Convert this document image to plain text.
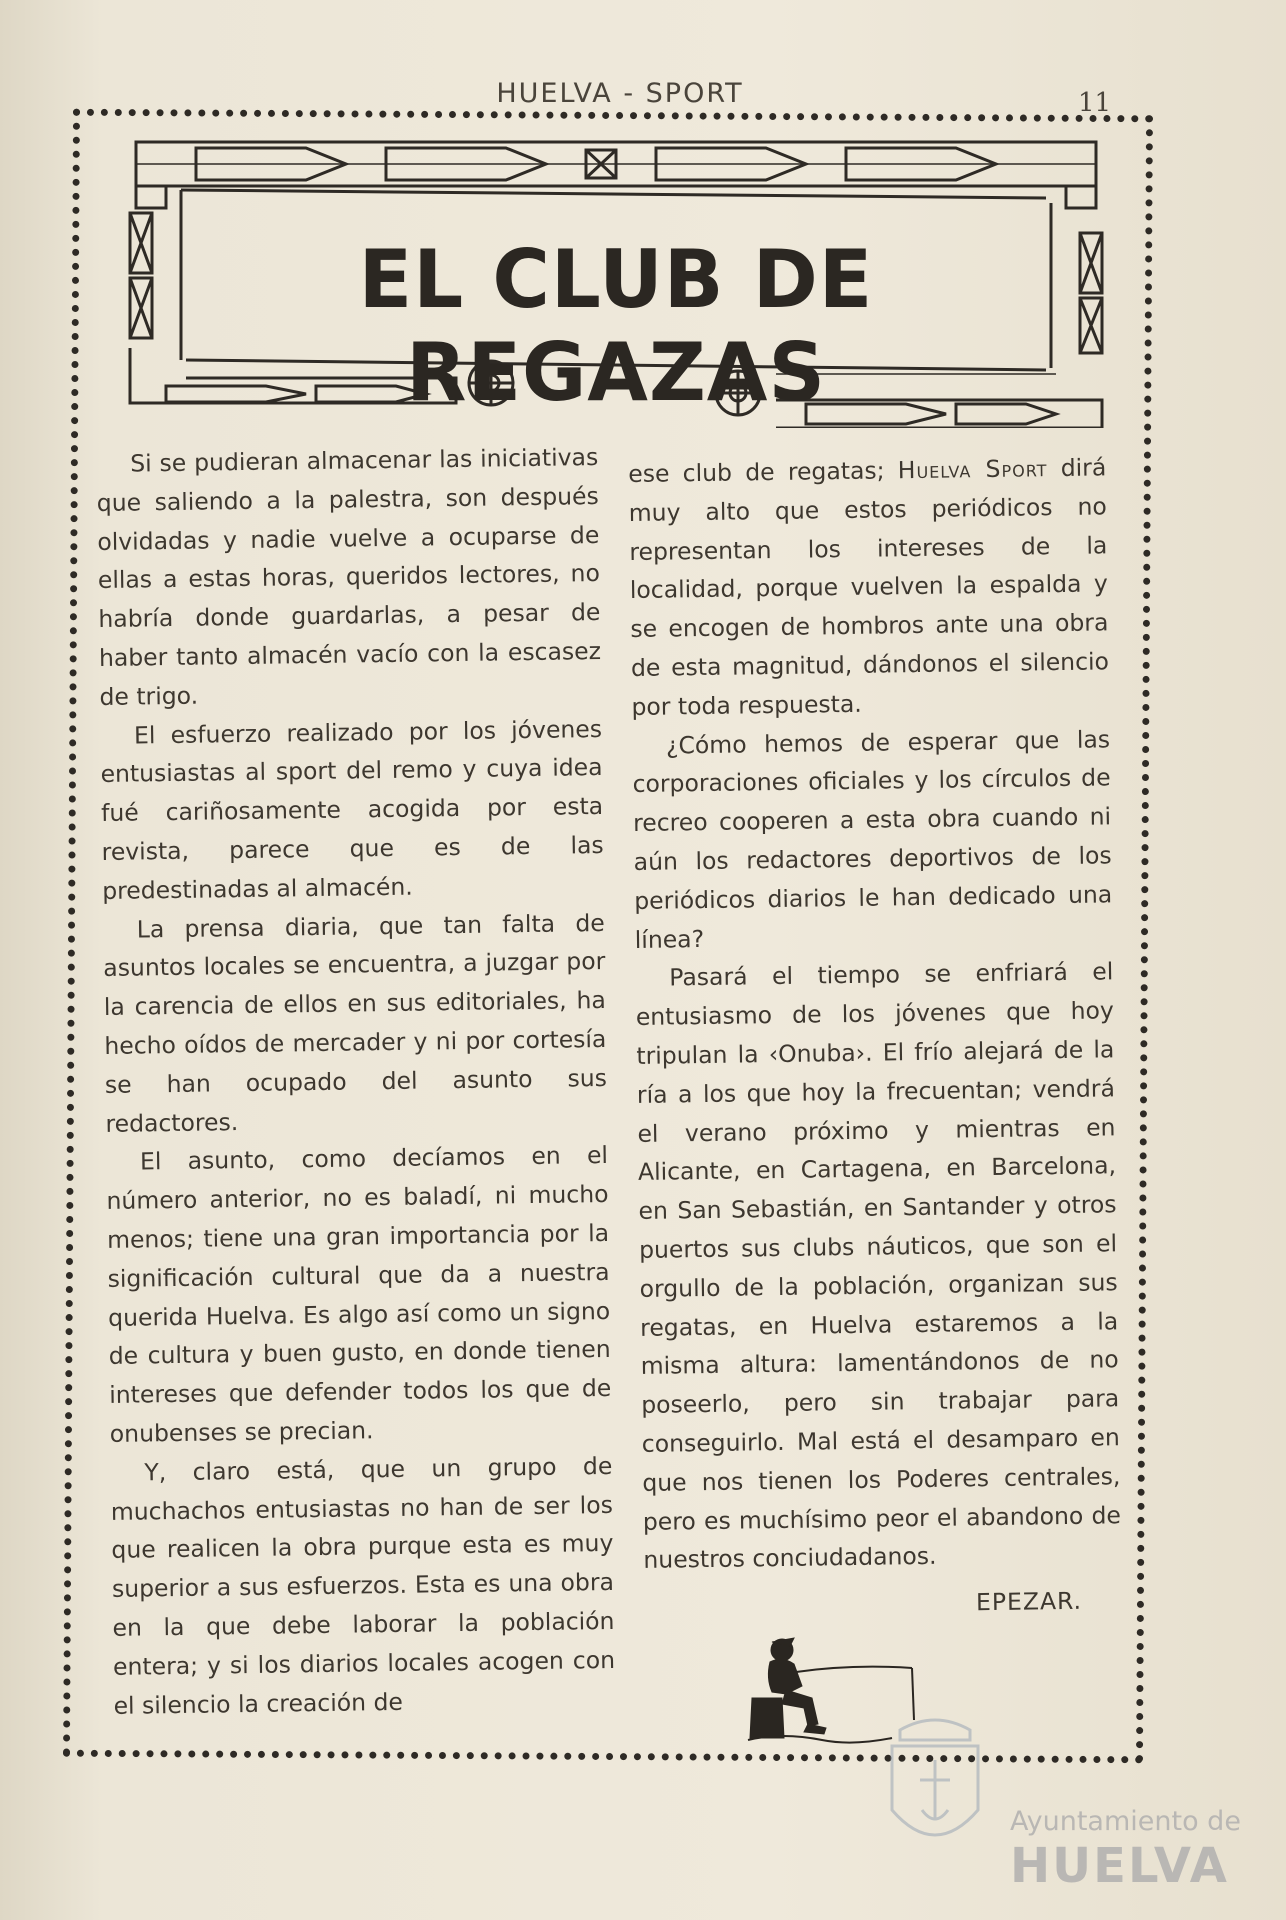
HUELVA - SPORT	11
EL CLUB DE REGAZAS

Si se pudieran almacenar las iniciativas que saliendo a la palestra, son después olvidadas y nadie vuelve a ocuparse de ellas a estas horas, queridos lectores, no habría donde guardarlas, a pesar de haber tanto almacén vacío con la escasez de trigo.

El esfuerzo realizado por los jóvenes entusiastas al sport del remo y cuya idea fué cariñosamente acogida por esta revista, parece que es de las predestinadas al almacén.

La prensa diaria, que tan falta de asuntos locales se encuentra, a juzgar por la carencia de ellos en sus editoriales, ha hecho oídos de mercader y ni por cortesía se han ocupado del asunto sus redactores.

El asunto, como decíamos en el número anterior, no es baladí, ni mucho menos; tiene una gran importancia por la significación cultural que da a nuestra querida Huelva. Es algo así como un signo de cultura y buen gusto, en donde tienen intereses que defender todos los que de onubenses se precian.

Y, claro está, que un grupo de muchachos entusiastas no han de ser los que realicen la obra purque esta es muy superior a sus esfuerzos. Esta es una obra en la que debe laborar la población entera; y si los diarios locales acogen con el silencio la creación de

ese club de regatas; Huelva Sport dirá muy alto que estos periódicos no representan los intereses de la localidad, porque vuelven la espalda y se encogen de hombros ante una obra de esta magnitud, dándonos el silencio por toda respuesta.

¿Cómo hemos de esperar que las corporaciones oficiales y los círculos de recreo cooperen a esta obra cuando ni aún los redactores deportivos de los periódicos diarios le han dedicado una línea?

Pasará el tiempo se enfriará el entusiasmo de los jóvenes que hoy tripulan la ‹Onuba›. El frío alejará de la ría a los que hoy la frecuentan; vendrá el verano próximo y mientras en Alicante, en Cartagena, en Barcelona, en San Sebastián, en Santander y otros puertos sus clubs náuticos, que son el orgullo de la población, organizan sus regatas, en Huelva estaremos a la misma altura: lamentándonos de no poseerlo, pero sin trabajar para conseguirlo. Mal está el desamparo en que nos tienen los Poderes centrales, pero es muchísimo peor el abandono de nuestros conciudadanos.

EPEZAR.

Ayuntamiento de
HUELVA
